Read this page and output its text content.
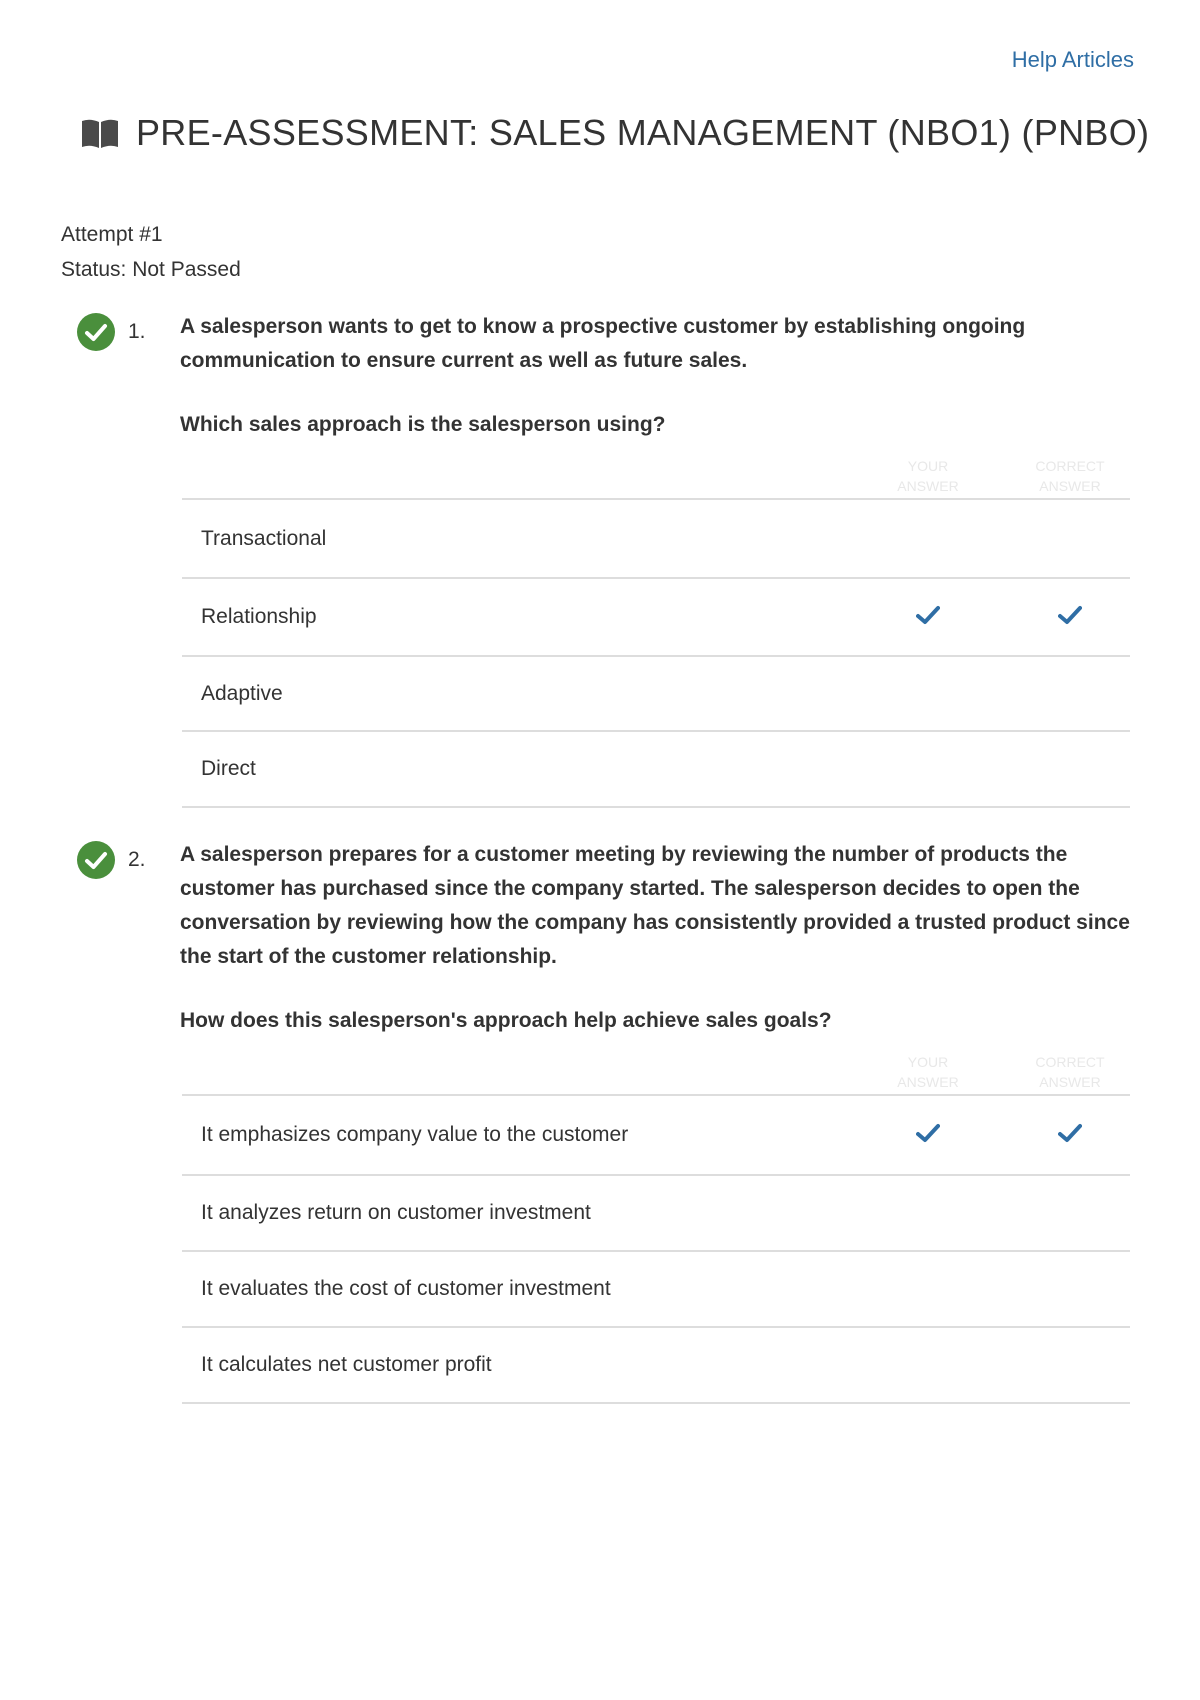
Help Articles
PRE-ASSESSMENT: SALES MANAGEMENT (NBO1) (PNBO)
Attempt #1
Status: Not Passed
1. A salesperson wants to get to know a prospective customer by establishing ongoing communication to ensure current as well as future sales.

Which sales approach is the salesperson using?

YOUR ANSWER
CORRECT ANSWER
Transactional
Relationship
Adaptive
Direct
2. A salesperson prepares for a customer meeting by reviewing the number of products the customer has purchased since the company started. The salesperson decides to open the conversation by reviewing how the company has consistently provided a trusted product since the start of the customer relationship.

How does this salesperson's approach help achieve sales goals?

YOUR ANSWER
CORRECT ANSWER
It emphasizes company value to the customer
It analyzes return on customer investment
It evaluates the cost of customer investment
It calculates net customer profit
